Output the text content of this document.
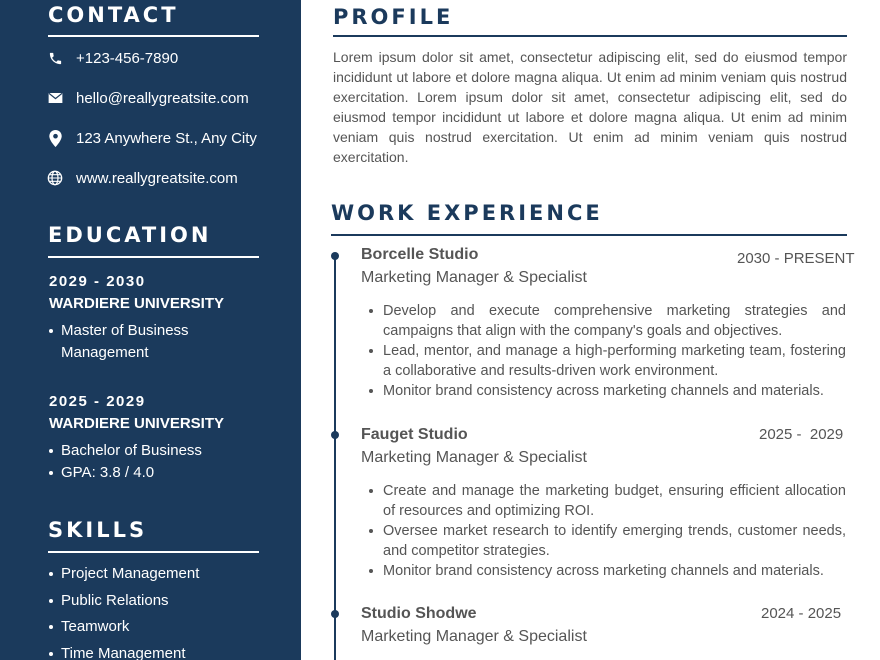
CONTACT
+123-456-7890
hello@reallygreatsite.com
123 Anywhere St., Any City
www.reallygreatsite.com
EDUCATION
2029 - 2030
WARDIERE UNIVERSITY
Master of Business Management
2025 - 2029
WARDIERE UNIVERSITY
Bachelor of Business
GPA: 3.8 / 4.0
SKILLS
Project Management
Public Relations
Teamwork
Time Management
PROFILE

Lorem ipsum dolor sit amet, consectetur adipiscing elit, sed do eiusmod tempor incididunt ut labore et dolore magna aliqua. Ut enim ad minim veniam quis nostrud exercitation. Lorem ipsum dolor sit amet, consectetur adipiscing elit, sed do eiusmod tempor incididunt ut labore et dolore magna aliqua. Ut enim ad minim veniam quis nostrud exercitation. Ut enim ad minim veniam quis nostrud exercitation.

WORK EXPERIENCE
Borcelle Studio	2030 - PRESENT
Marketing Manager & Specialist
Develop and execute comprehensive marketing strategies and campaigns that align with the company's goals and objectives.
Lead, mentor, and manage a high-performing marketing team, fostering a collaborative and results-driven work environment.
Monitor brand consistency across marketing channels and materials.
Fauget Studio	2025 -  2029
Marketing Manager & Specialist
Create and manage the marketing budget, ensuring efficient allocation of resources and optimizing ROI.
Oversee market research to identify emerging trends, customer needs, and competitor strategies.
Monitor brand consistency across marketing channels and materials.
Studio Shodwe	2024 - 2025
Marketing Manager & Specialist
